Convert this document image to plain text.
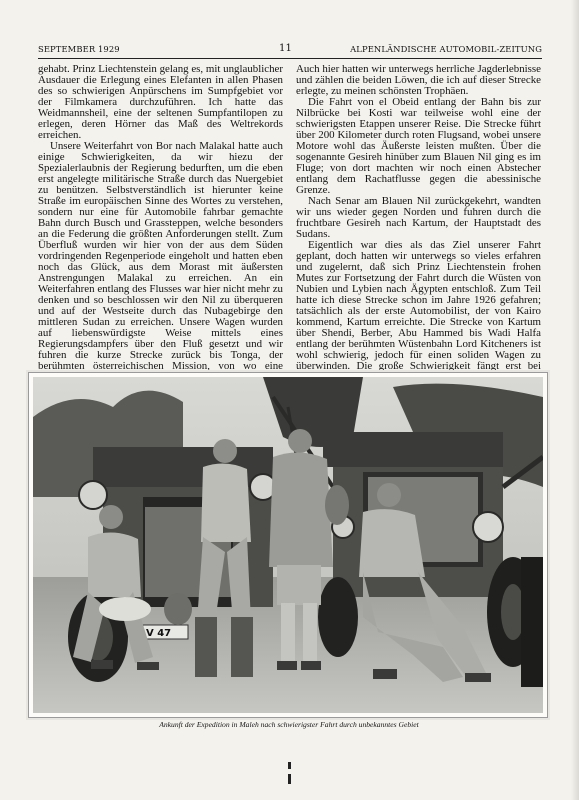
SEPTEMBER 1929	11	ALPENLÄNDISCHE AUTOMOBIL-ZEITUNG

gehabt. Prinz Liechtenstein gelang es, mit unglaublicher Ausdauer die Erlegung eines Elefanten in allen Phasen des so schwierigen Anpürschens im Sumpfgebiet vor der Filmkamera durchzuführen. Ich hatte das Weidmannsheil, eine der seltenen Sumpfantilopen zu erlegen, deren Hörner das Maß des Weltrekords erreichen.

Unsere Weiterfahrt von Bor nach Malakal hatte auch einige Schwierigkeiten, da wir hiezu der Spezialerlaubnis der Regierung bedurften, um die eben erst angelegte militärische Straße durch das Nuergebiet zu benützen. Selbstverständlich ist hierunter keine Straße im europäischen Sinne des Wortes zu verstehen, sondern nur eine für Automobile fahrbar gemachte Bahn durch Busch und Grassteppen, welche besonders an die Federung die größten Anforderungen stellt. Zum Überfluß wurden wir hier von der aus dem Süden vordringenden Regenperiode eingeholt und hatten eben noch das Glück, aus dem Morast mit äußersten Anstrengungen Malakal zu erreichen. An ein Weiterfahren entlang des Flusses war hier nicht mehr zu denken und so beschlossen wir den Nil zu überqueren und auf der Westseite durch das Nubagebirge den mittleren Sudan zu erreichen. Unsere Wagen wurden auf liebenswürdigste Weise mittels eines Regierungsdampfers über den Fluß gesetzt und wir fuhren die kurze Strecke zurück bis Tonga, der berühmten österreichischen Mission, von wo eine

Auch hier hatten wir unterwegs herrliche Jagderlebnisse und zählen die beiden Löwen, die ich auf dieser Strecke erlegte, zu meinen schönsten Trophäen.

Die Fahrt von el Obeid entlang der Bahn bis zur Nilbrücke bei Kosti war teilweise wohl eine der schwierigsten Etappen unserer Reise. Die Strecke führt über 200 Kilometer durch roten Flugsand, wobei unsere Motore wohl das Äußerste leisten mußten. Über die sogenannte Gesireh hinüber zum Blauen Nil ging es im Fluge; von dort machten wir noch einen Abstecher entlang dem Rachatflusse gegen die abessinische Grenze.

Nach Senar am Blauen Nil zurückgekehrt, wandten wir uns wieder gegen Norden und fuhren durch die fruchtbare Gesireh nach Kartum, der Hauptstadt des Sudans.

Eigentlich war dies als das Ziel unserer Fahrt geplant, doch hatten wir unterwegs so vieles erfahren und zugelernt, daß sich Prinz Liechtenstein frohen Mutes zur Fortsetzung der Fahrt durch die Wüsten von Nubien und Lybien nach Ägypten entschloß. Zum Teil hatte ich diese Strecke schon im Jahre 1926 gefahren; tatsächlich als der erste Automobilist, der von Kairo kommend, Kartum erreichte. Die Strecke von Kartum über Shendi, Berber, Abu Hammed bis Wadi Halfa entlang der berühmten Wüstenbahn Lord Kitcheners ist wohl schwierig, jedoch für einen soliden Wagen zu überwinden. Die große Schwierigkeit fängt erst bei

V 47
Ankunft der Expedition in Maleh nach schwierigster Fahrt durch unbekanntes Gebiet
